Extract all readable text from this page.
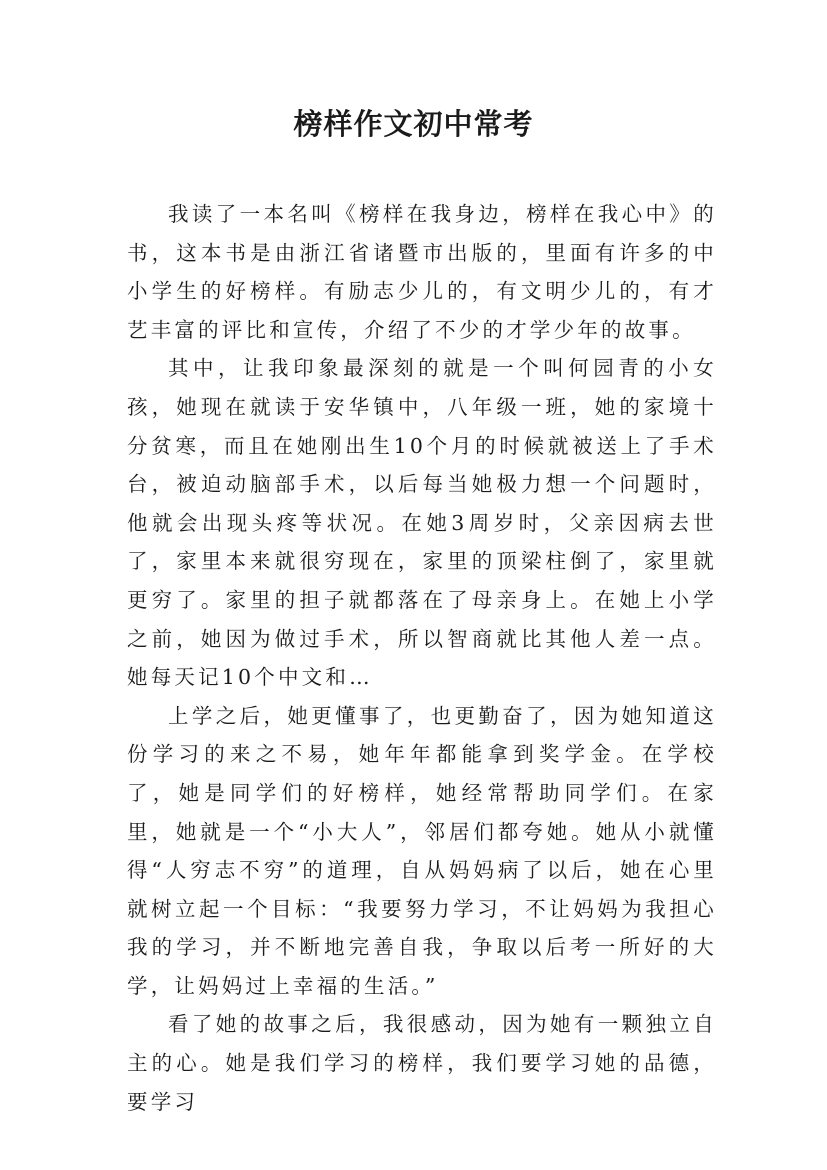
榜样作文初中常考

我读了一本名叫《榜样在我身边，榜样在我心中》的书，这本书是由浙江省诸暨市出版的，里面有许多的中小学生的好榜样。有励志少儿的，有文明少儿的，有才艺丰富的评比和宣传，介绍了不少的才学少年的故事。

其中，让我印象最深刻的就是一个叫何园青的小女孩，她现在就读于安华镇中，八年级一班，她的家境十分贫寒，而且在她刚出生10个月的时候就被送上了手术台，被迫动脑部手术，以后每当她极力想一个问题时，他就会出现头疼等状况。在她3周岁时，父亲因病去世了，家里本来就很穷现在，家里的顶梁柱倒了，家里就更穷了。家里的担子就都落在了母亲身上。在她上小学之前，她因为做过手术，所以智商就比其他人差一点。她每天记10个中文和…

上学之后，她更懂事了，也更勤奋了，因为她知道这份学习的来之不易，她年年都能拿到奖学金。在学校了，她是同学们的好榜样，她经常帮助同学们。在家里，她就是一个“小大人”，邻居们都夸她。她从小就懂得“人穷志不穷”的道理，自从妈妈病了以后，她在心里就树立起一个目标：“我要努力学习，不让妈妈为我担心我的学习，并不断地完善自我，争取以后考一所好的大学，让妈妈过上幸福的生活。”

看了她的故事之后，我很感动，因为她有一颗独立自主的心。她是我们学习的榜样，我们要学习她的品德，要学习
